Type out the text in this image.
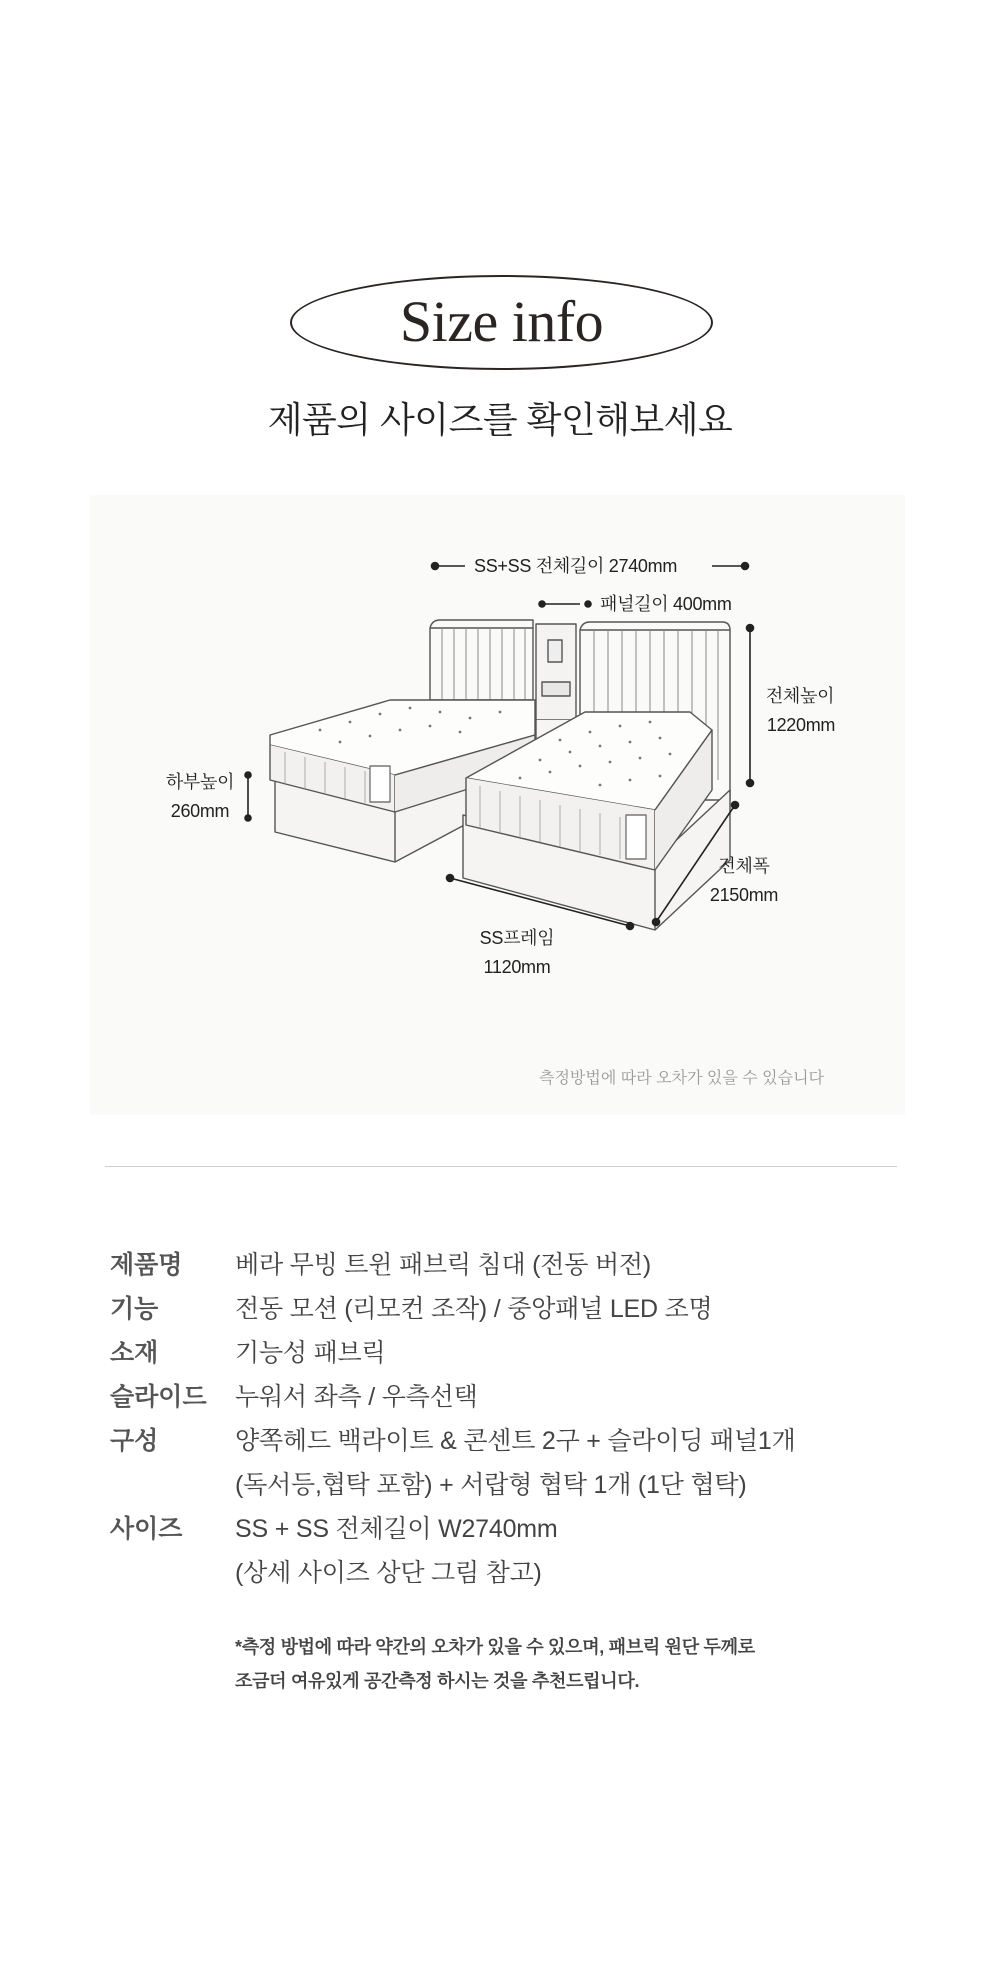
Size info
제품의 사이즈를 확인해보세요
SS+SS 전체길이 2740mm
패널길이 400mm
전체높이
1220mm
하부높이
260mm
전체폭
2150mm
SS프레임
1120mm
측정방법에 따라 오차가 있을 수 있습니다
제품명	베라 무빙 트윈 패브릭 침대 (전동 버전)
기능	전동 모션 (리모컨 조작) / 중앙패널 LED 조명
소재	기능성 패브릭
슬라이드	누워서 좌측 / 우측선택
구성	양쪽헤드 백라이트 & 콘센트 2구 + 슬라이딩 패널1개
(독서등,협탁 포함) + 서랍형 협탁 1개 (1단 협탁)
사이즈	SS + SS 전체길이 W2740mm
(상세 사이즈 상단 그림 참고)
*측정 방법에 따라 약간의 오차가 있을 수 있으며, 패브릭 원단 두께로
조금더 여유있게 공간측정 하시는 것을 추천드립니다.
